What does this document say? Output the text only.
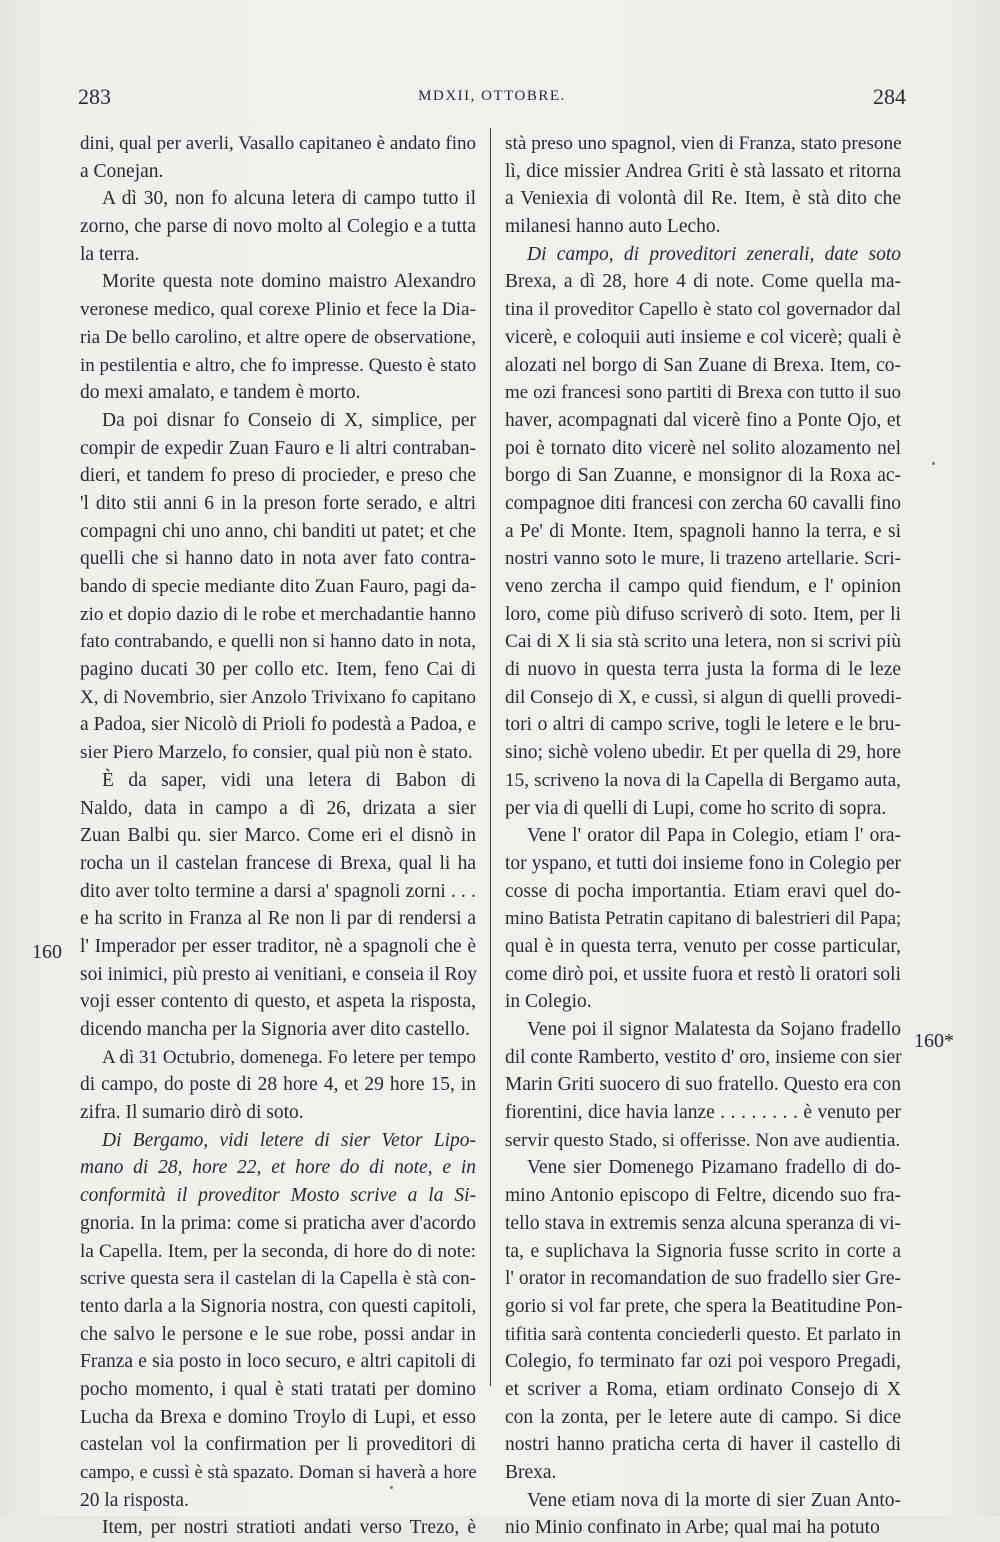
283	MDXII, OTTOBRE.	284
dini, qual per averli, Vasallo capitaneo è andato fino
a Conejan.
A dì 30, non fo alcuna letera di campo tutto il
zorno, che parse di novo molto al Colegio e a tutta
la terra.
Morite questa note domino maistro Alexandro
veronese medico, qual corexe Plinio et fece la Dia-
ria De bello carolino, et altre opere de observatione,
in pestilentia e altro, che fo impresse. Questo è stato
do mexi amalato, e tandem è morto.
Da poi disnar fo Conseio di X, simplice, per
compir de expedir Zuan Fauro e li altri contraban-
dieri, et tandem fo preso di procieder, e preso che
'l dito stii anni 6 in la preson forte serado, e altri
compagni chi uno anno, chi banditi ut patet; et che
quelli che si hanno dato in nota aver fato contra-
bando di specie mediante dito Zuan Fauro, pagi da-
zio et dopio dazio di le robe et merchadantie hanno
fato contrabando, e quelli non si hanno dato in nota,
pagino ducati 30 per collo etc. Item, feno Cai di
X, di Novembrio, sier Anzolo Trivixano fo capitano
a Padoa, sier Nicolò di Prioli fo podestà a Padoa, e
sier Piero Marzelo, fo consier, qual più non è stato.
È da saper, vidi una letera di Babon di
Naldo, data in campo a dì 26, drizata a sier
Zuan Balbi qu. sier Marco. Come eri el disnò in
rocha un il castelan francese di Brexa, qual li ha
dito aver tolto termine a darsi a' spagnoli zorni . . .
e ha scrito in Franza al Re non li par di rendersi a
l' Imperador per esser traditor, nè a spagnoli che è
soi inimici, più presto ai venitiani, e conseia il Roy
voji esser contento di questo, et aspeta la risposta,
dicendo mancha per la Signoria aver dito castello.
A dì 31 Octubrio, domenega. Fo letere per tempo
di campo, do poste di 28 hore 4, et 29 hore 15, in
zifra. Il sumario dirò di soto.
Di Bergamo, vidi letere di sier Vetor Lipo-
mano di 28, hore 22, et hore do di note, e in
conformità il proveditor Mosto scrive a la Si-
gnoria. In la prima: come si pratichа aver d'acordo
la Capella. Item, per la seconda, di hore do di note:
scrive questa sera il castelan di la Capella è stà con-
tento darla a la Signoria nostra, con questi capitoli,
che salvo le persone e le sue robe, possi andar in
Franza e sia posto in loco securo, e altri capitoli di
pocho momento, i qual è stati tratati per domino
Lucha da Brexa e domino Troylo di Lupi, et esso
castelan vol la confirmation per li proveditori di
campo, e cussì è stà spazato. Doman si haverà a hore
20 la risposta.
Item, per nostri stratioti andati verso Trezo, è
stà preso uno spagnol, vien di Franza, stato presone
lì, dice missier Andrea Griti è stà lassato et ritorna
a Veniexia di volontà dil Re. Item, è stà dito che
milanesi hanno auto Lecho.
Di campo, di proveditori zenerali, date soto
Brexa, a dì 28, hore 4 di note. Come quella ma-
tina il proveditor Capello è stato col governador dal
vicerè, e coloquii auti insieme e col vicerè; quali è
alozati nel borgo di San Zuane di Brexa. Item, co-
me ozi francesi sono partiti di Brexa con tutto il suo
haver, acompagnati dal vicerè fino a Ponte Ojo, et
poi è tornato dito vicerè nel solito alozamento nel
borgo di San Zuanne, e monsignor di la Roxa ac-
compagnoe diti francesi con zercha 60 cavalli fino
a Pe' di Monte. Item, spagnoli hanno la terra, e si
nostri vanno soto le mure, li trazeno artellarie. Scri-
veno zercha il campo quid fiendum, e l' opinion
loro, come più difuso scriverò di soto. Item, per li
Cai di X li sia stà scrito una letera, non si scrivi più
di nuovo in questa terra justa la forma di le leze
dil Consejo di X, e cussì, si algun di quelli provedi-
tori o altri di campo scrive, togli le letere e le bru-
sino; sichè voleno ubedir. Et per quella di 29, hore
15, scriveno la nova di la Capella di Bergamo auta,
per via di quelli di Lupi, come ho scrito di sopra.
Vene l' orator dil Papa in Colegio, etiam l' ora-
tor yspano, et tutti doi insieme fono in Colegio per
cosse di pocha importantia. Etiam eravi quel do-
mino Batista Petratin capitano di balestrieri dil Papa;
qual è in questa terra, venuto per cosse particular,
come dirò poi, et ussite fuora et restò li oratori soli
in Colegio.
Vene poi il signor Malatesta da Sojano fradello
dil conte Ramberto, vestito d' oro, insieme con sier
Marin Griti suocero di suo fratello. Questo era con
fiorentini, dice havia lanze . . . . . . . . è venuto per
servir questo Stado, si offerisse. Non ave audientia.
Vene sier Domenego Pizamano fradello di do-
mino Antonio episcopo di Feltre, dicendo suo fra-
tello stava in extremis senza alcuna speranza di vi-
ta, e suplichava la Signoria fusse scrito in corte a
l' orator in recomandation de suo fradello sier Gre-
gorio si vol far prete, che spera la Beatitudine Pon-
tifitia sarà contenta conciederli questo. Et parlato in
Colegio, fo terminato far ozi poi vesporo Pregadi,
et scriver a Roma, etiam ordinato Consejo di X
con la zonta, per le letere aute di campo. Si dice
nostri hanno praticha certa di haver il castello di
Brexa.
Vene etiam nova di la morte di sier Zuan Anto-
nio Minio confinato in Arbe; qual mai ha potuto
160
160*
